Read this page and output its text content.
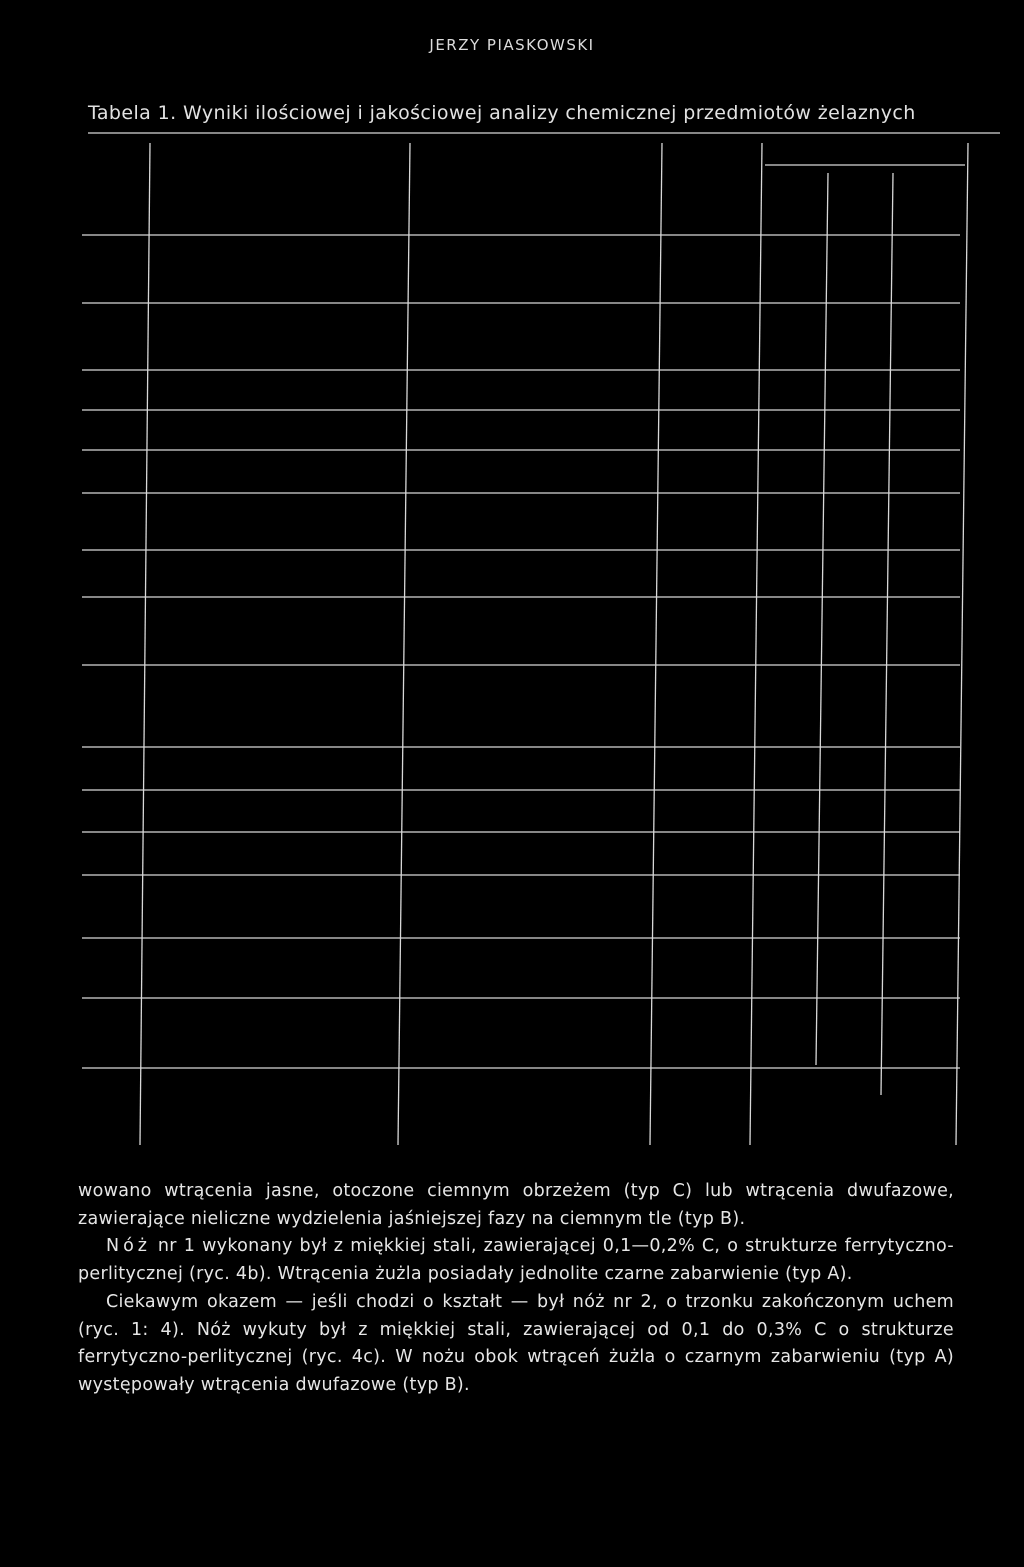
JERZY PIASKOWSKI
Tabela 1. Wyniki ilościowej i jakościowej analizy chemicznej przedmiotów żelaznych

wowano wtrącenia jasne, otoczone ciemnym obrzeżem (typ C) lub wtrącenia dwufazowe, zawierające nieliczne wydzielenia jaśniejszej fazy na ciemnym tle (typ B).

Nóż nr 1 wykonany był z miękkiej stali, zawierającej 0,1—0,2% C, o strukturze ferrytyczno-perlitycznej (ryc. 4b). Wtrącenia żużla posiadały jednolite czarne zabarwienie (typ A).

Ciekawym okazem — jeśli chodzi o kształt — był nóż nr 2, o trzonku zakończonym uchem (ryc. 1: 4). Nóż wykuty był z miękkiej stali, zawierającej od 0,1 do 0,3% C o strukturze ferrytyczno-perlitycznej (ryc. 4c). W nożu obok wtrąceń żużla o czarnym zabarwieniu (typ A) występowały wtrącenia dwufazowe (typ B).
